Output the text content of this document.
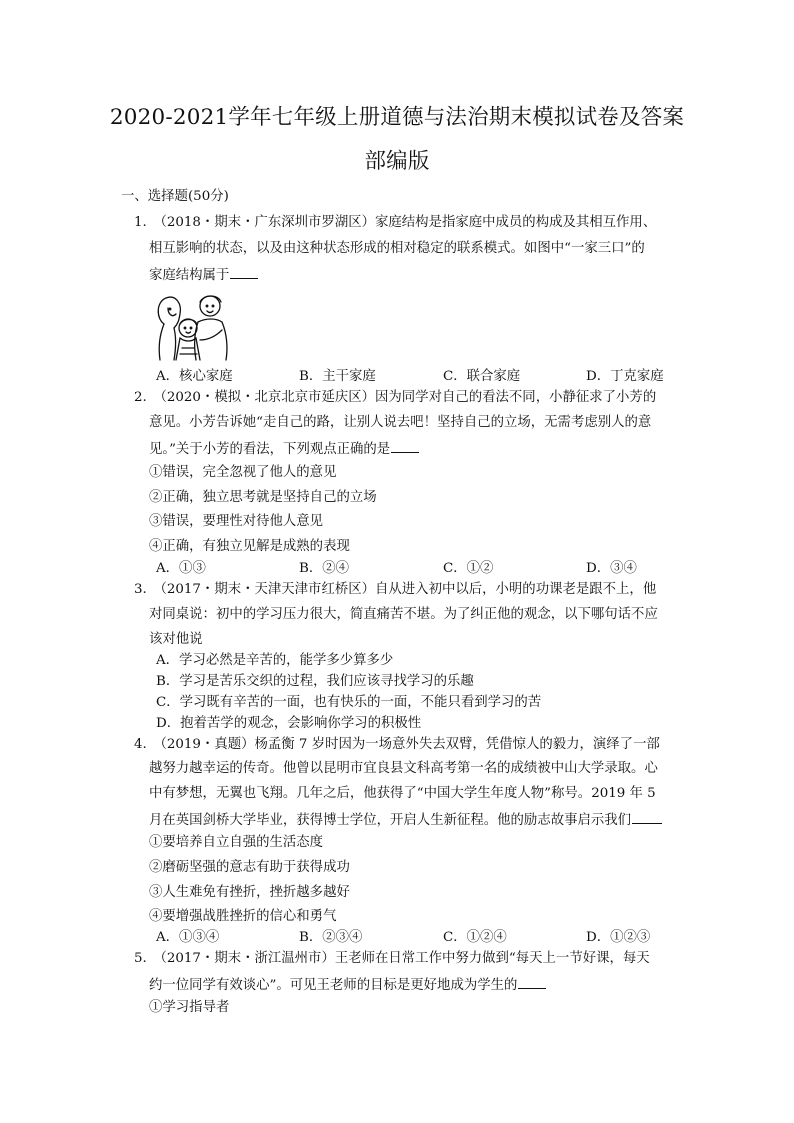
2020-2021学年七年级上册道德与法治期末模拟试卷及答案
部编版
一、选择题(50分)
1.　（2018・期末・广东深圳市罗湖区）家庭结构是指家庭中成员的构成及其相互作用、
相互影响的状态，以及由这种状态形成的相对稳定的联系模式。如图中“一家三口”的
家庭结构属于
A．核心家庭	B．主干家庭	C．联合家庭	D．丁克家庭
2.　（2020・模拟・北京北京市延庆区）因为同学对自己的看法不同，小静征求了小芳的
意见。小芳告诉她“走自己的路，让别人说去吧！坚持自己的立场，无需考虑别人的意
见。”关于小芳的看法，下列观点正确的是
①错误，完全忽视了他人的意见
②正确，独立思考就是坚持自己的立场
③错误，要理性对待他人意见
④正确，有独立见解是成熟的表现
A．①③	B．②④	C．①②	D．③④
3.　（2017・期末・天津天津市红桥区）自从进入初中以后，小明的功课老是跟不上，他
对同桌说：初中的学习压力很大，简直痛苦不堪。为了纠正他的观念，以下哪句话不应
该对他说
A．学习必然是辛苦的，能学多少算多少
B．学习是苦乐交织的过程，我们应该寻找学习的乐趣
C．学习既有辛苦的一面，也有快乐的一面，不能只看到学习的苦
D．抱着苦学的观念，会影响你学习的积极性
4.　（2019・真题）杨孟衡 7 岁时因为一场意外失去双臂，凭借惊人的毅力，演绎了一部
越努力越幸运的传奇。他曾以昆明市宜良县文科高考第一名的成绩被中山大学录取。心
中有梦想，无翼也飞翔。几年之后，他获得了“中国大学生年度人物”称号。2019 年 5
月在英国剑桥大学毕业，获得博士学位，开启人生新征程。他的励志故事启示我们
①要培养自立自强的生活态度
②磨砺坚强的意志有助于获得成功
③人生难免有挫折，挫折越多越好
④要增强战胜挫折的信心和勇气
A．①③④	B．②③④	C．①②④	D．①②③
5.　（2017・期末・浙江温州市）王老师在日常工作中努力做到“每天上一节好课，每天
约一位同学有效谈心”。可见王老师的目标是更好地成为学生的
①学习指导者
